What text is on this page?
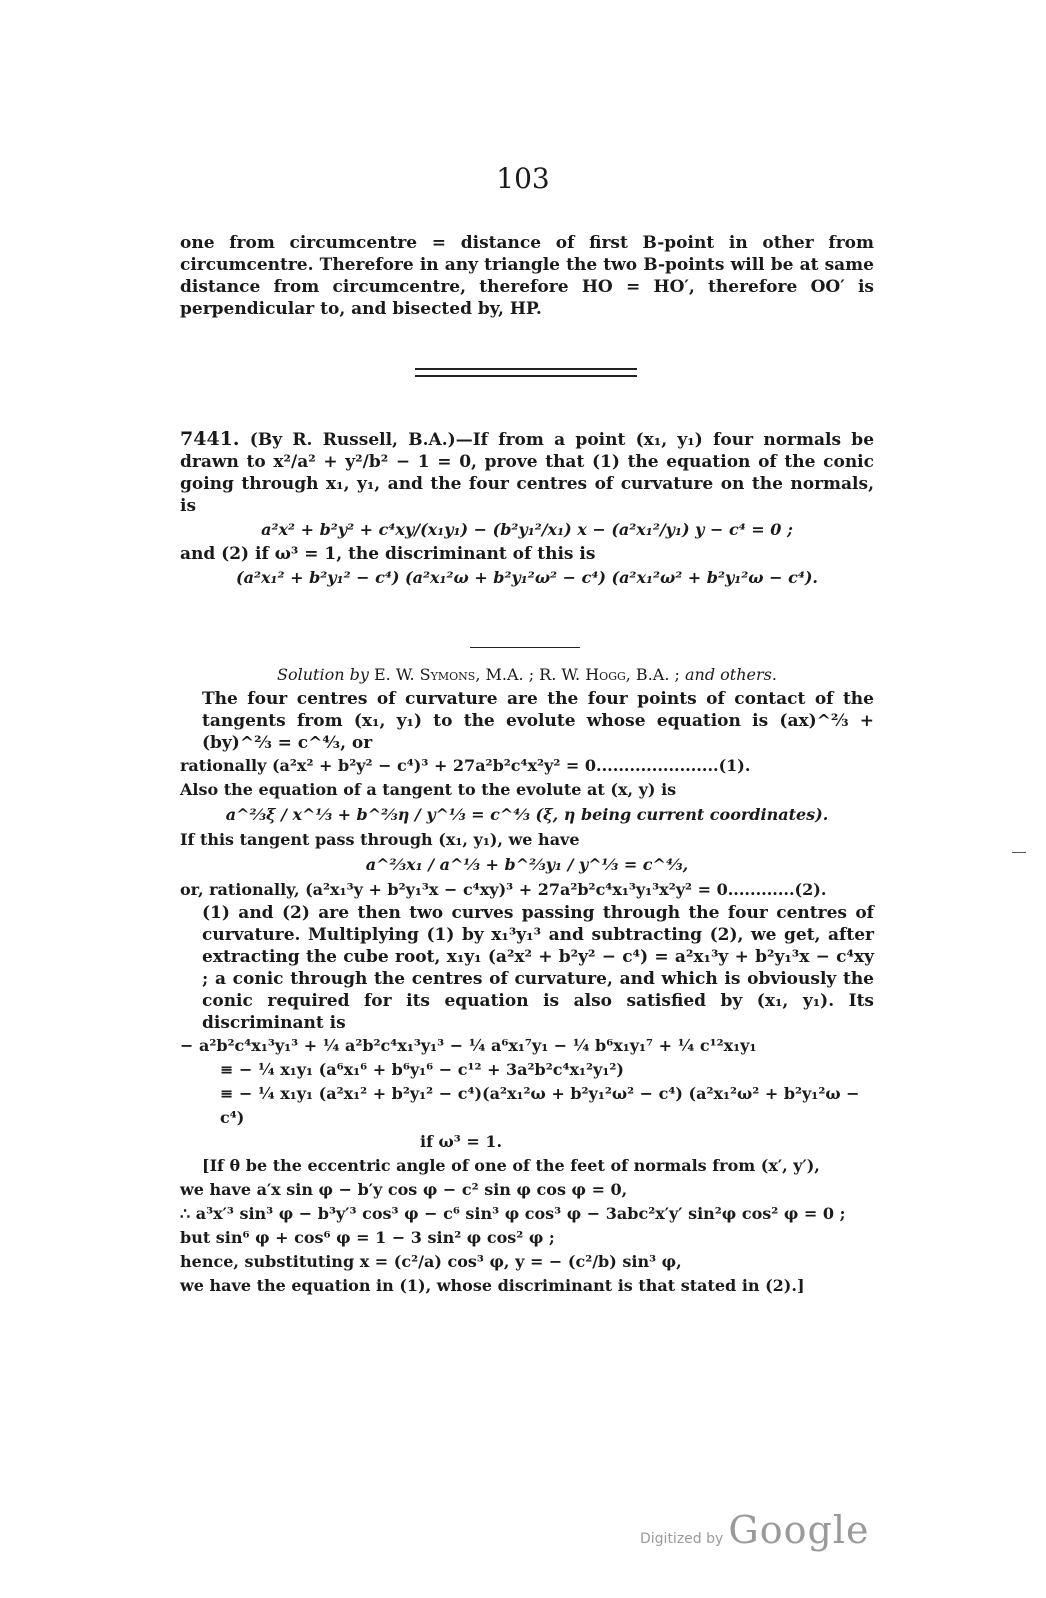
103

one from circumcentre = distance of first B-point in other from circumcentre. Therefore in any triangle the two B-points will be at same distance from circumcentre, therefore HO = HO′, therefore OO′ is perpendicular to, and bisected by, HP.

7441. (By R. Russell, B.A.)—If from a point (x₁, y₁) four normals be drawn to x²/a² + y²/b² − 1 = 0, prove that (1) the equation of the conic going through x₁, y₁, and the four centres of curvature on the normals, is

a²x² + b²y² + c⁴xy/(x₁y₁) − (b²y₁²/x₁) x − (a²x₁²/y₁) y − c⁴ = 0 ;

and (2) if ω³ = 1, the discriminant of this is

(a²x₁² + b²y₁² − c⁴) (a²x₁²ω + b²y₁²ω² − c⁴) (a²x₁²ω² + b²y₁²ω − c⁴).
Solution by E. W. Symons, M.A. ; R. W. Hogg, B.A. ; and others.

The four centres of curvature are the four points of contact of the tangents from (x₁, y₁) to the evolute whose equation is (ax)^⅔ + (by)^⅔ = c^⁴⁄₃, or

rationally (a²x² + b²y² − c⁴)³ + 27a²b²c⁴x²y² = 0......................(1).
Also the equation of a tangent to the evolute at (x, y) is
a^⅔ξ / x^⅓ + b^⅔η / y^⅓ = c^⁴⁄₃ (ξ, η being current coordinates).
If this tangent pass through (x₁, y₁), we have
a^⅔x₁ / a^⅓ + b^⅔y₁ / y^⅓ = c^⁴⁄₃,
or, rationally, (a²x₁³y + b²y₁³x − c⁴xy)³ + 27a²b²c⁴x₁³y₁³x²y² = 0............(2).

(1) and (2) are then two curves passing through the four centres of curvature. Multiplying (1) by x₁³y₁³ and subtracting (2), we get, after extracting the cube root, x₁y₁ (a²x² + b²y² − c⁴) = a²x₁³y + b²y₁³x − c⁴xy ; a conic through the centres of curvature, and which is obviously the conic required for its equation is also satisfied by (x₁, y₁). Its discriminant is

− a²b²c⁴x₁³y₁³ + ¼ a²b²c⁴x₁³y₁³ − ¼ a⁶x₁⁷y₁ − ¼ b⁶x₁y₁⁷ + ¼ c¹²x₁y₁
≡ − ¼ x₁y₁ (a⁶x₁⁶ + b⁶y₁⁶ − c¹² + 3a²b²c⁴x₁²y₁²)
≡ − ¼ x₁y₁ (a²x₁² + b²y₁² − c⁴)(a²x₁²ω + b²y₁²ω² − c⁴) (a²x₁²ω² + b²y₁²ω − c⁴)
if ω³ = 1.
[If θ be the eccentric angle of one of the feet of normals from (x′, y′),
we have a′x sin φ − b′y cos φ − c² sin φ cos φ = 0,
∴ a³x′³ sin³ φ − b³y′³ cos³ φ − c⁶ sin³ φ cos³ φ − 3abc²x′y′ sin²φ cos² φ = 0 ;
but sin⁶ φ + cos⁶ φ = 1 − 3 sin² φ cos² φ ;
hence, substituting x = (c²/a) cos³ φ, y = − (c²/b) sin³ φ,
we have the equation in (1), whose discriminant is that stated in (2).]
Digitized by Google
